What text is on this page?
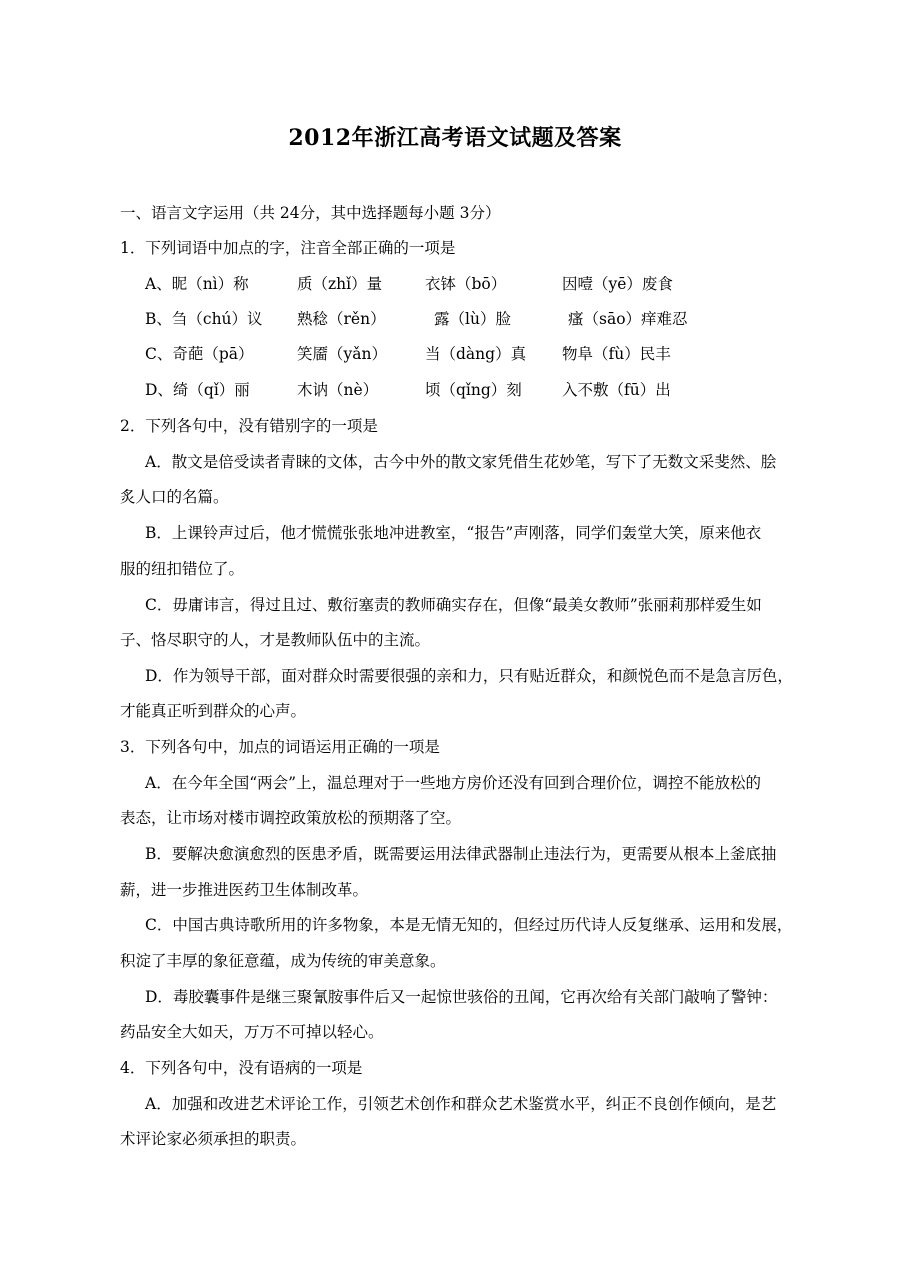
2012年浙江高考语文试题及答案
一、语言文字运用（共 24分，其中选择题每小题 3分）
1．下列词语中加点的字，注音全部正确的一项是
A、昵（nì）称	质（zhǐ）量	衣钵（bō）	因噎（yē）废食
B、刍（chú）议 熟稔（rěn）	露（lù）脸	瘙（sāo）痒难忍
C、奇葩（pā）	笑靥（yǎn） 当（dàng）真 物阜（fù）民丰
D、绮（qǐ）丽	木讷（nè）	顷（qǐng）刻	入不敷（fū）出
2．下列各句中，没有错别字的一项是
A．散文是倍受读者青睐的文体，古今中外的散文家凭借生花妙笔，写下了无数文采斐然、脍
炙人口的名篇。
B．上课铃声过后，他才慌慌张张地冲进教室，“报告”声刚落，同学们轰堂大笑，原来他衣
服的纽扣错位了。
C．毋庸讳言，得过且过、敷衍塞责的教师确实存在，但像“最美女教师”张丽莉那样爱生如
子、恪尽职守的人，才是教师队伍中的主流。
D．作为领导干部，面对群众时需要很强的亲和力，只有贴近群众，和颜悦色而不是急言厉色，
才能真正听到群众的心声。
3．下列各句中，加点的词语运用正确的一项是
A．在今年全国“两会”上，温总理对于一些地方房价还没有回到合理价位，调控不能放松的
表态，让市场对楼市调控政策放松的预期落了空。
B．要解决愈演愈烈的医患矛盾，既需要运用法律武器制止违法行为，更需要从根本上釜底抽
薪，进一步推进医药卫生体制改革。
C．中国古典诗歌所用的许多物象，本是无情无知的，但经过历代诗人反复继承、运用和发展，
积淀了丰厚的象征意蕴，成为传统的审美意象。
D．毒胶囊事件是继三聚氰胺事件后又一起惊世骇俗的丑闻，它再次给有关部门敲响了警钟：
药品安全大如天，万万不可掉以轻心。
4．下列各句中，没有语病的一项是
A．加强和改进艺术评论工作，引领艺术创作和群众艺术鉴赏水平，纠正不良创作倾向，是艺
术评论家必须承担的职责。
